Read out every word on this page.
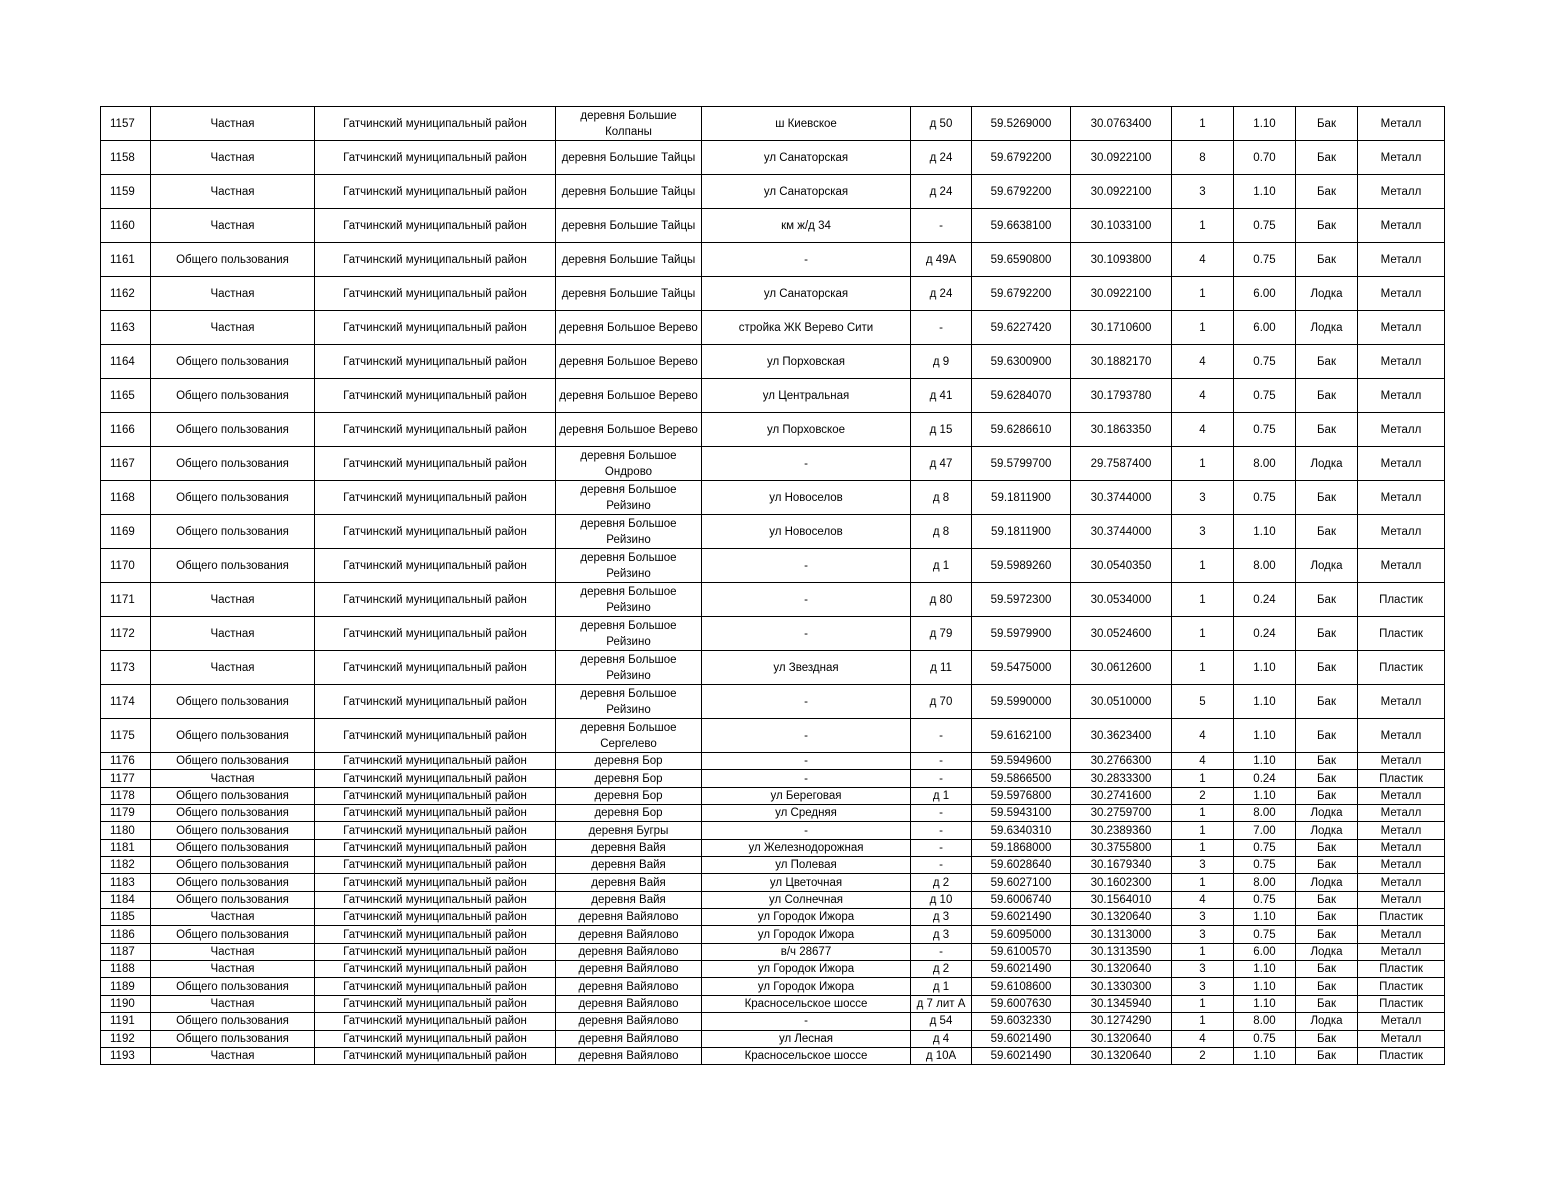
1157	Частная	Гатчинский муниципальный район	деревня Большие Колпаны	ш Киевское	д 50	59.5269000	30.0763400	1	1.10	Бак	Металл
1158	Частная	Гатчинский муниципальный район	деревня Большие Тайцы	ул Санаторская	д 24	59.6792200	30.0922100	8	0.70	Бак	Металл
1159	Частная	Гатчинский муниципальный район	деревня Большие Тайцы	ул Санаторская	д 24	59.6792200	30.0922100	3	1.10	Бак	Металл
1160	Частная	Гатчинский муниципальный район	деревня Большие Тайцы	км ж/д 34	-	59.6638100	30.1033100	1	0.75	Бак	Металл
1161	Общего пользования	Гатчинский муниципальный район	деревня Большие Тайцы	-	д 49А	59.6590800	30.1093800	4	0.75	Бак	Металл
1162	Частная	Гатчинский муниципальный район	деревня Большие Тайцы	ул Санаторская	д 24	59.6792200	30.0922100	1	6.00	Лодка	Металл
1163	Частная	Гатчинский муниципальный район	деревня Большое Верево	стройка ЖК Верево Сити	-	59.6227420	30.1710600	1	6.00	Лодка	Металл
1164	Общего пользования	Гатчинский муниципальный район	деревня Большое Верево	ул Порховская	д 9	59.6300900	30.1882170	4	0.75	Бак	Металл
1165	Общего пользования	Гатчинский муниципальный район	деревня Большое Верево	ул Центральная	д 41	59.6284070	30.1793780	4	0.75	Бак	Металл
1166	Общего пользования	Гатчинский муниципальный район	деревня Большое Верево	ул Порховское	д 15	59.6286610	30.1863350	4	0.75	Бак	Металл
1167	Общего пользования	Гатчинский муниципальный район	деревня Большое Ондрово	-	д 47	59.5799700	29.7587400	1	8.00	Лодка	Металл
1168	Общего пользования	Гатчинский муниципальный район	деревня Большое Рейзино	ул Новоселов	д 8	59.1811900	30.3744000	3	0.75	Бак	Металл
1169	Общего пользования	Гатчинский муниципальный район	деревня Большое Рейзино	ул Новоселов	д 8	59.1811900	30.3744000	3	1.10	Бак	Металл
1170	Общего пользования	Гатчинский муниципальный район	деревня Большое Рейзино	-	д 1	59.5989260	30.0540350	1	8.00	Лодка	Металл
1171	Частная	Гатчинский муниципальный район	деревня Большое Рейзино	-	д 80	59.5972300	30.0534000	1	0.24	Бак	Пластик
1172	Частная	Гатчинский муниципальный район	деревня Большое Рейзино	-	д 79	59.5979900	30.0524600	1	0.24	Бак	Пластик
1173	Частная	Гатчинский муниципальный район	деревня Большое Рейзино	ул Звездная	д 11	59.5475000	30.0612600	1	1.10	Бак	Пластик
1174	Общего пользования	Гатчинский муниципальный район	деревня Большое Рейзино	-	д 70	59.5990000	30.0510000	5	1.10	Бак	Металл
1175	Общего пользования	Гатчинский муниципальный район	деревня Большое Сергелево	-	-	59.6162100	30.3623400	4	1.10	Бак	Металл
1176	Общего пользования	Гатчинский муниципальный район	деревня Бор	-	-	59.5949600	30.2766300	4	1.10	Бак	Металл
1177	Частная	Гатчинский муниципальный район	деревня Бор	-	-	59.5866500	30.2833300	1	0.24	Бак	Пластик
1178	Общего пользования	Гатчинский муниципальный район	деревня Бор	ул Береговая	д 1	59.5976800	30.2741600	2	1.10	Бак	Металл
1179	Общего пользования	Гатчинский муниципальный район	деревня Бор	ул Средняя	-	59.5943100	30.2759700	1	8.00	Лодка	Металл
1180	Общего пользования	Гатчинский муниципальный район	деревня Бугры	-	-	59.6340310	30.2389360	1	7.00	Лодка	Металл
1181	Общего пользования	Гатчинский муниципальный район	деревня Вайя	ул Железнодорожная	-	59.1868000	30.3755800	1	0.75	Бак	Металл
1182	Общего пользования	Гатчинский муниципальный район	деревня Вайя	ул Полевая	-	59.6028640	30.1679340	3	0.75	Бак	Металл
1183	Общего пользования	Гатчинский муниципальный район	деревня Вайя	ул Цветочная	д 2	59.6027100	30.1602300	1	8.00	Лодка	Металл
1184	Общего пользования	Гатчинский муниципальный район	деревня Вайя	ул Солнечная	д 10	59.6006740	30.1564010	4	0.75	Бак	Металл
1185	Частная	Гатчинский муниципальный район	деревня Вайялово	ул Городок Ижора	д 3	59.6021490	30.1320640	3	1.10	Бак	Пластик
1186	Общего пользования	Гатчинский муниципальный район	деревня Вайялово	ул Городок Ижора	д 3	59.6095000	30.1313000	3	0.75	Бак	Металл
1187	Частная	Гатчинский муниципальный район	деревня Вайялово	в/ч 28677	-	59.6100570	30.1313590	1	6.00	Лодка	Металл
1188	Частная	Гатчинский муниципальный район	деревня Вайялово	ул Городок Ижора	д 2	59.6021490	30.1320640	3	1.10	Бак	Пластик
1189	Общего пользования	Гатчинский муниципальный район	деревня Вайялово	ул Городок Ижора	д 1	59.6108600	30.1330300	3	1.10	Бак	Пластик
1190	Частная	Гатчинский муниципальный район	деревня Вайялово	Красносельское шоссе	д 7 лит А	59.6007630	30.1345940	1	1.10	Бак	Пластик
1191	Общего пользования	Гатчинский муниципальный район	деревня Вайялово	-	д 54	59.6032330	30.1274290	1	8.00	Лодка	Металл
1192	Общего пользования	Гатчинский муниципальный район	деревня Вайялово	ул Лесная	д 4	59.6021490	30.1320640	4	0.75	Бак	Металл
1193	Частная	Гатчинский муниципальный район	деревня Вайялово	Красносельское шоссе	д 10А	59.6021490	30.1320640	2	1.10	Бак	Пластик
